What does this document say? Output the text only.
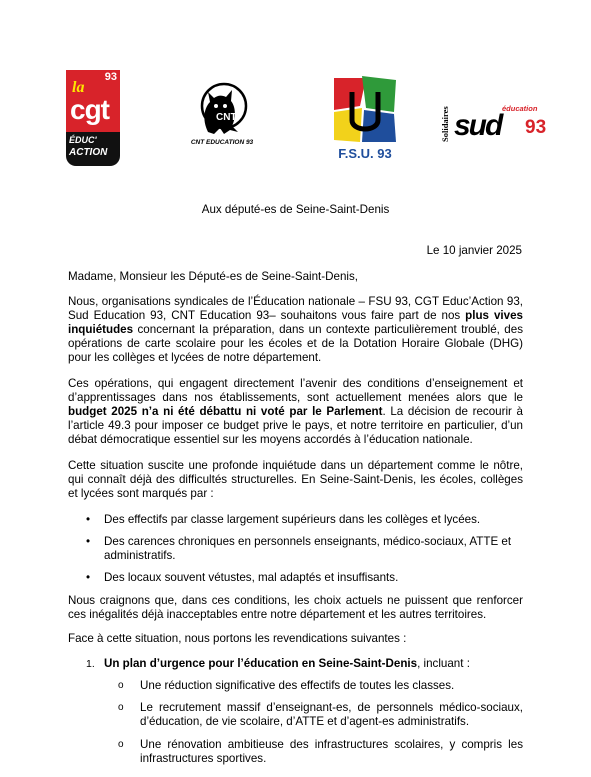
93
la
cgt
ÉDUC'
ACTION
CNT
CNT EDUCATION 93
F.S.U. 93
Solidaires	éducation
sud 93

Aux député-es de Seine-Saint-Denis

Le 10 janvier 2025

Madame, Monsieur les Député-es de Seine-Saint-Denis,

Nous, organisations syndicales de l’Éducation nationale – FSU 93, CGT Educ’Action 93, Sud Education 93, CNT Education 93– souhaitons vous faire part de nos plus vives inquiétudes concernant la préparation, dans un contexte particulièrement troublé, des opérations de carte scolaire pour les écoles et de la Dotation Horaire Globale (DHG) pour les collèges et lycées de notre département.

Ces opérations, qui engagent directement l’avenir des conditions d’enseignement et d’apprentissages dans nos établissements, sont actuellement menées alors que le budget 2025 n’a ni été débattu ni voté par le Parlement. La décision de recourir à l’article 49.3 pour imposer ce budget prive le pays, et notre territoire en particulier, d’un débat démocratique essentiel sur les moyens accordés à l’éducation nationale.

Cette situation suscite une profonde inquiétude dans un département comme le nôtre, qui connaît déjà des difficultés structurelles. En Seine-Saint-Denis, les écoles, collèges et lycées sont marqués par :

•	Des effectifs par classe largement supérieurs dans les collèges et lycées.
•	Des carences chroniques en personnels enseignants, médico-sociaux, ATTE et administratifs.
•	Des locaux souvent vétustes, mal adaptés et insuffisants.

Nous craignons que, dans ces conditions, les choix actuels ne puissent que renforcer ces inégalités déjà inacceptables entre notre département et les autres territoires.

Face à cette situation, nous portons les revendications suivantes :

1. Un plan d’urgence pour l’éducation en Seine-Saint-Denis, incluant :
o Une réduction significative des effectifs de toutes les classes.
o Le recrutement massif d’enseignant-es, de personnels médico-sociaux, d’éducation, de vie scolaire, d’ATTE et d’agent-es administratifs.
o Une rénovation ambitieuse des infrastructures scolaires, y compris les infrastructures sportives.
